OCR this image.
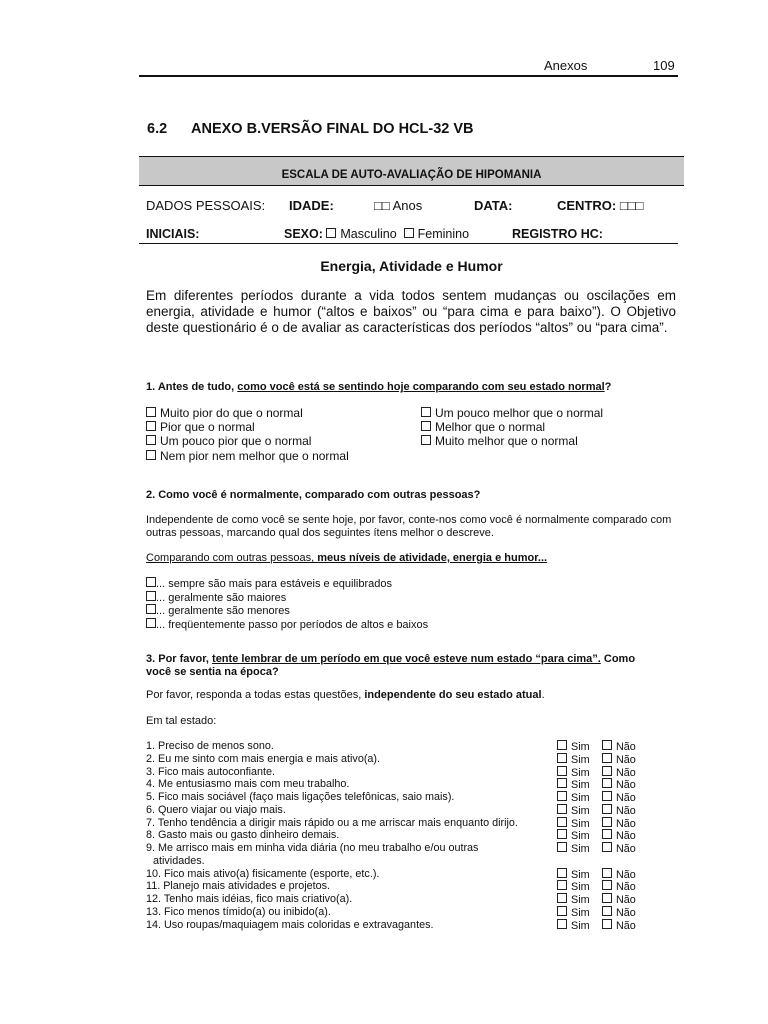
Anexos	109
6.2 ANEXO B.VERSÃO FINAL DO HCL-32 VB
ESCALA DE AUTO-AVALIAÇÃO DE HIPOMANIA
DADOS PESSOAIS: IDADE:	□□ Anos	DATA:	CENTRO: □□□
INICIAIS:	SEXO: Masculino Feminino	REGISTRO HC:
Energia, Atividade e Humor
Em diferentes períodos durante a vida todos sentem mudanças ou oscilações em energia, atividade e humor (“altos e baixos” ou “para cima e para baixo”). O Objetivo deste questionário é o de avaliar as características dos períodos “altos” ou “para cima”.
1. Antes de tudo, como você está se sentindo hoje comparando com seu estado normal?
Muito pior do que o normal
Pior que o normal
Um pouco pior que o normal
Nem pior nem melhor que o normal
Um pouco melhor que o normal
Melhor que o normal
Muito melhor que o normal
2. Como você é normalmente, comparado com outras pessoas?
Independente de como você se sente hoje, por favor, conte-nos como você é normalmente comparado com outras pessoas, marcando qual dos seguintes ítens melhor o descreve.
Comparando com outras pessoas, meus níveis de atividade, energia e humor...
... sempre são mais para estáveis e equilibrados
... geralmente são maiores
... geralmente são menores
... freqüentemente passo por períodos de altos e baixos
3. Por favor, tente lembrar de um período em que você esteve num estado “para cima”. Como
você se sentia na época?
Por favor, responda a todas estas questões, independente do seu estado atual.
Em tal estado:
1. Preciso de menos sono.	Sim	Não
2. Eu me sinto com mais energia e mais ativo(a).	Sim	Não
3. Fico mais autoconfiante.	Sim	Não
4. Me entusiasmo mais com meu trabalho.	Sim	Não
5. Fico mais sociável (faço mais ligações telefônicas, saio mais).	Sim	Não
6. Quero viajar ou viajo mais.	Sim	Não
7. Tenho tendência a dirigir mais rápido ou a me arriscar mais enquanto dirijo.	Sim	Não
8. Gasto mais ou gasto dinheiro demais.	Sim	Não
9. Me arrisco mais em minha vida diária (no meu trabalho e/ou outras
atividades.
Sim	Não
10. Fico mais ativo(a) fisicamente (esporte, etc.).	Sim	Não
11. Planejo mais atividades e projetos.	Sim	Não
12. Tenho mais idéias, fico mais criativo(a).	Sim	Não
13. Fico menos tímido(a) ou inibido(a).	Sim	Não
14. Uso roupas/maquiagem mais coloridas e extravagantes.	Sim	Não
